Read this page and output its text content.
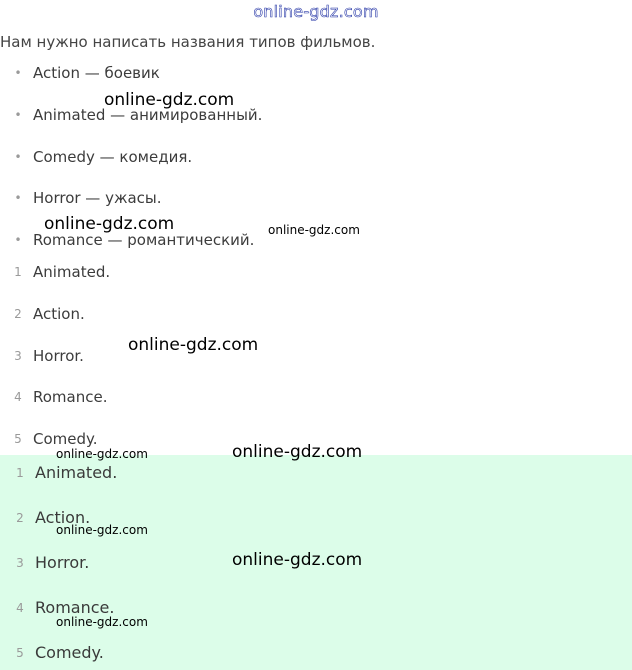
online-gdz.com
Нам нужно написать названия типов фильмов.
• Action — боевик
• Animated — анимированный.
• Comedy — комедия.
• Horror — ужасы.
• Romance — романтический.
1 Animated.
2 Action.
3 Horror.
4 Romance.
5 Comedy.
1 Animated.
2 Action.
3 Horror.
4 Romance.
5 Comedy.
online-gdz.com
online-gdz.com	online-gdz.com
online-gdz.com
online-gdz.com	online-gdz.com
online-gdz.com
online-gdz.com
online-gdz.com
